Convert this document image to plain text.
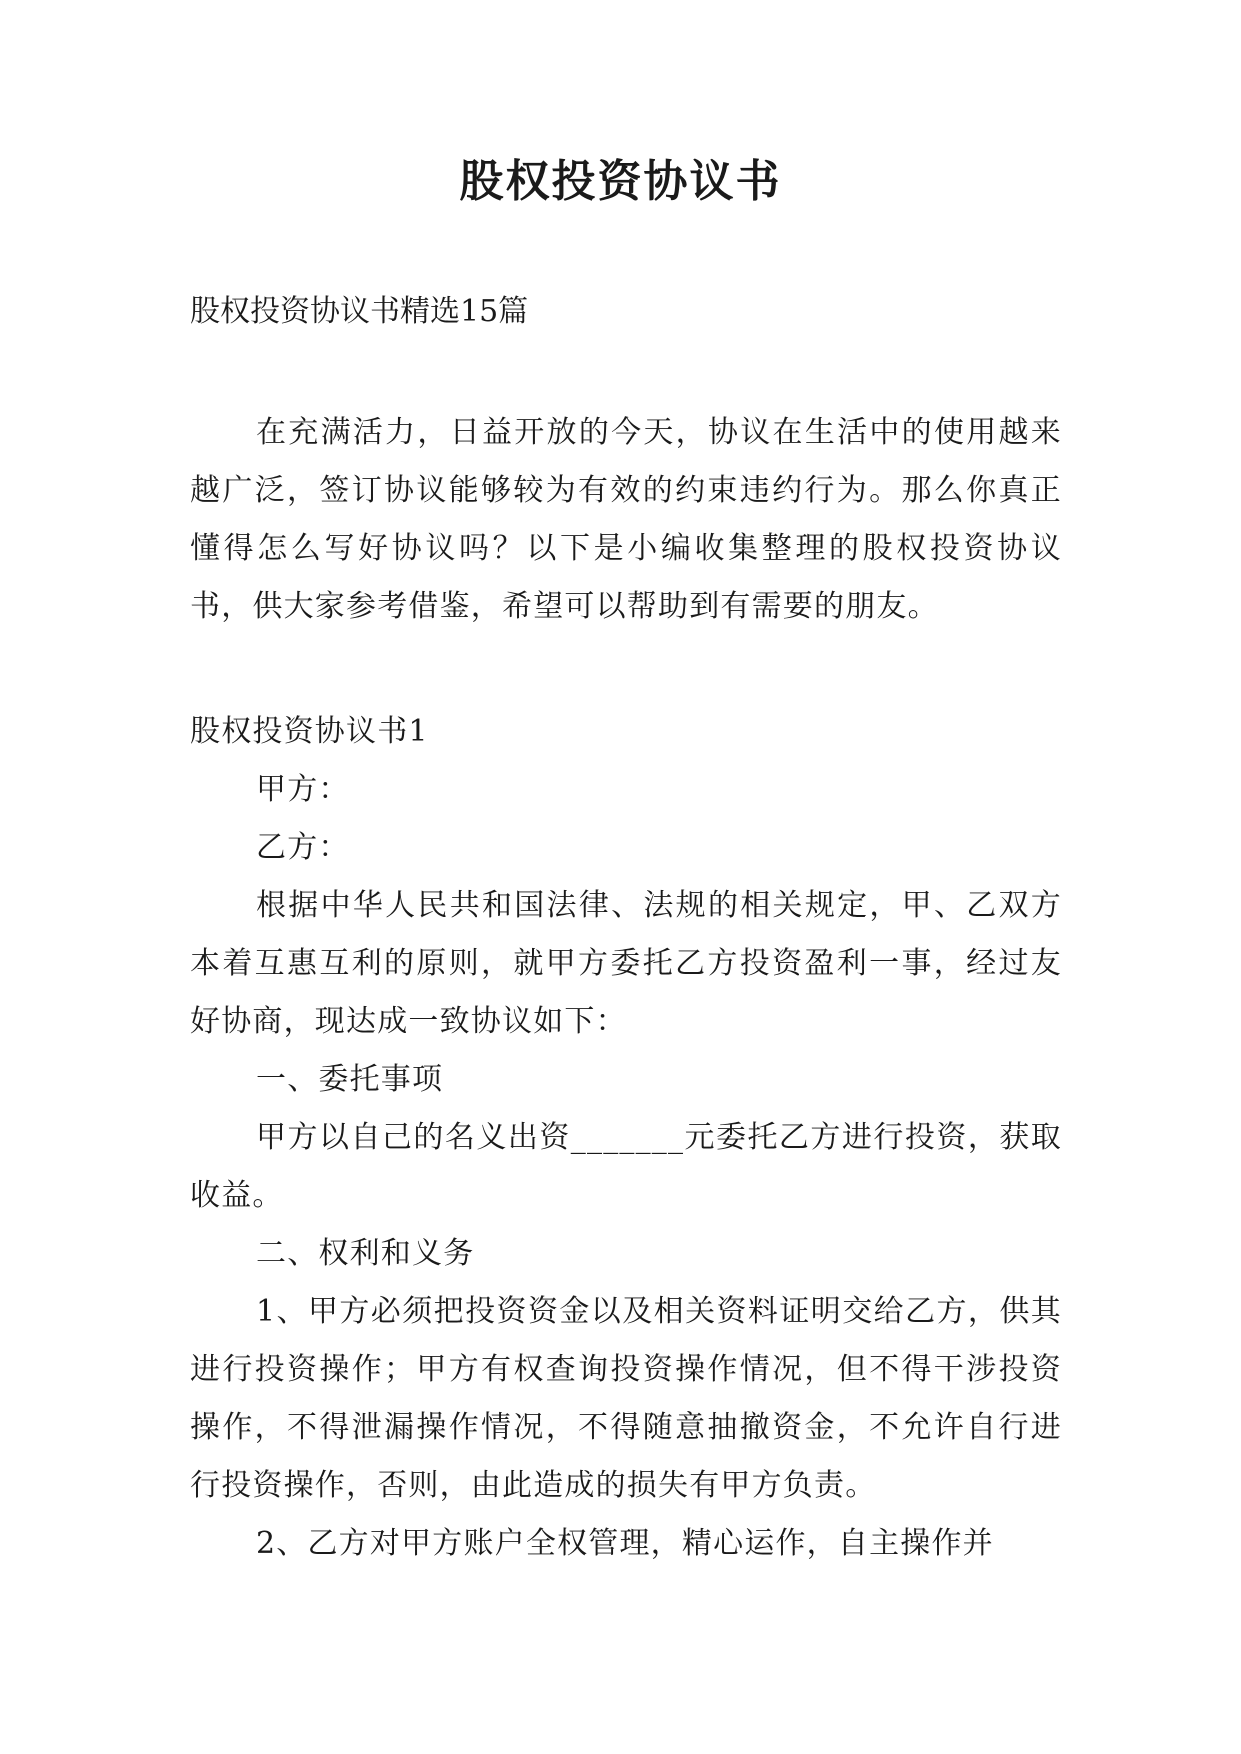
股权投资协议书
股权投资协议书精选15篇

在充满活力，日益开放的今天，协议在生活中的使用越来越广泛，签订协议能够较为有效的约束违约行为。那么你真正懂得怎么写好协议吗？以下是小编收集整理的股权投资协议书，供大家参考借鉴，希望可以帮助到有需要的朋友。

股权投资协议书1

甲方：

乙方：

根据中华人民共和国法律、法规的相关规定，甲、乙双方本着互惠互利的原则，就甲方委托乙方投资盈利一事，经过友好协商，现达成一致协议如下：

一、委托事项

甲方以自己的名义出资_______元委托乙方进行投资，获取收益。

二、权利和义务

1、甲方必须把投资资金以及相关资料证明交给乙方，供其进行投资操作；甲方有权查询投资操作情况，但不得干涉投资操作，不得泄漏操作情况，不得随意抽撤资金，不允许自行进行投资操作，否则，由此造成的损失有甲方负责。

2、乙方对甲方账户全权管理，精心运作，自主操作并
